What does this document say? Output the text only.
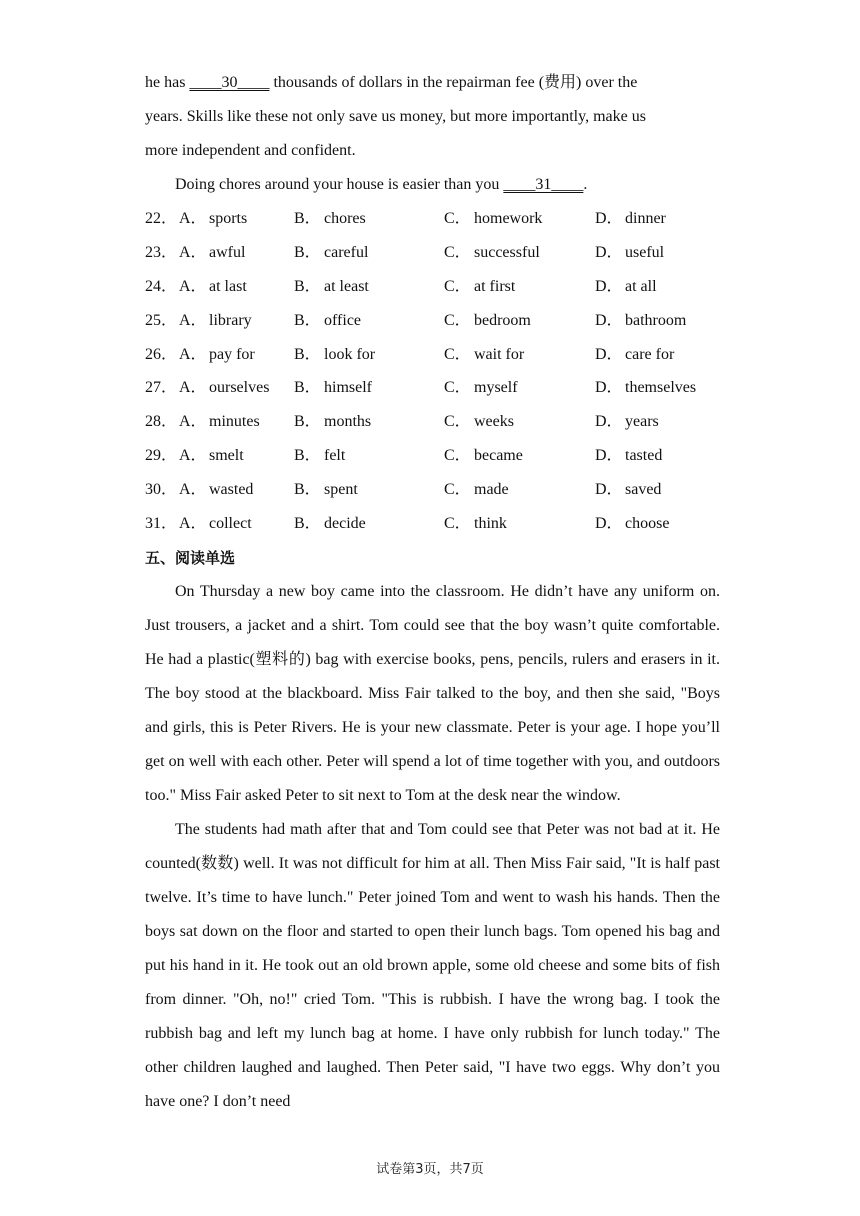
he has ____30____ thousands of dollars in the repairman fee (费用) over the
years. Skills like these not only save us money, but more importantly, make us
more independent and confident.
Doing chores around your house is easier than you ____31____.
22． A． sports	B． chores	C． homework	D． dinner
23． A． awful	B． careful	C． successful	D． useful
24． A． at last	B． at least	C． at first	D． at all
25． A． library	B． office	C． bedroom	D． bathroom
26． A． pay for B． look for	C． wait for	D． care for
27． A． ourselves B． himself	C． myself	D． themselves
28． A． minutes B． months	C． weeks	D． years
29． A． smelt	B． felt	C． became	D． tasted
30． A． wasted	B． spent	C． made	D． saved
31． A． collect	B． decide	C． think	D． choose
五、阅读单选

On Thursday a new boy came into the classroom. He didn’t have any uniform on. Just trousers, a jacket and a shirt. Tom could see that the boy wasn’t quite comfortable. He had a plastic(塑料的) bag with exercise books, pens, pencils, rulers and erasers in it. The boy stood at the blackboard. Miss Fair talked to the boy, and then she said, "Boys and girls, this is Peter Rivers. He is your new classmate. Peter is your age. I hope you’ll get on well with each other. Peter will spend a lot of time together with you, and outdoors too." Miss Fair asked Peter to sit next to Tom at the desk near the window.

The students had math after that and Tom could see that Peter was not bad at it. He counted(数数) well. It was not difficult for him at all. Then Miss Fair said, "It is half past twelve. It’s time to have lunch." Peter joined Tom and went to wash his hands. Then the boys sat down on the floor and started to open their lunch bags. Tom opened his bag and put his hand in it. He took out an old brown apple, some old cheese and some bits of fish from dinner. "Oh, no!" cried Tom. "This is rubbish. I have the wrong bag. I took the rubbish bag and left my lunch bag at home. I have only rubbish for lunch today." The other children laughed and laughed. Then Peter said, "I have two eggs. Why don’t you have one? I don’t need

试卷第3页，共7页
